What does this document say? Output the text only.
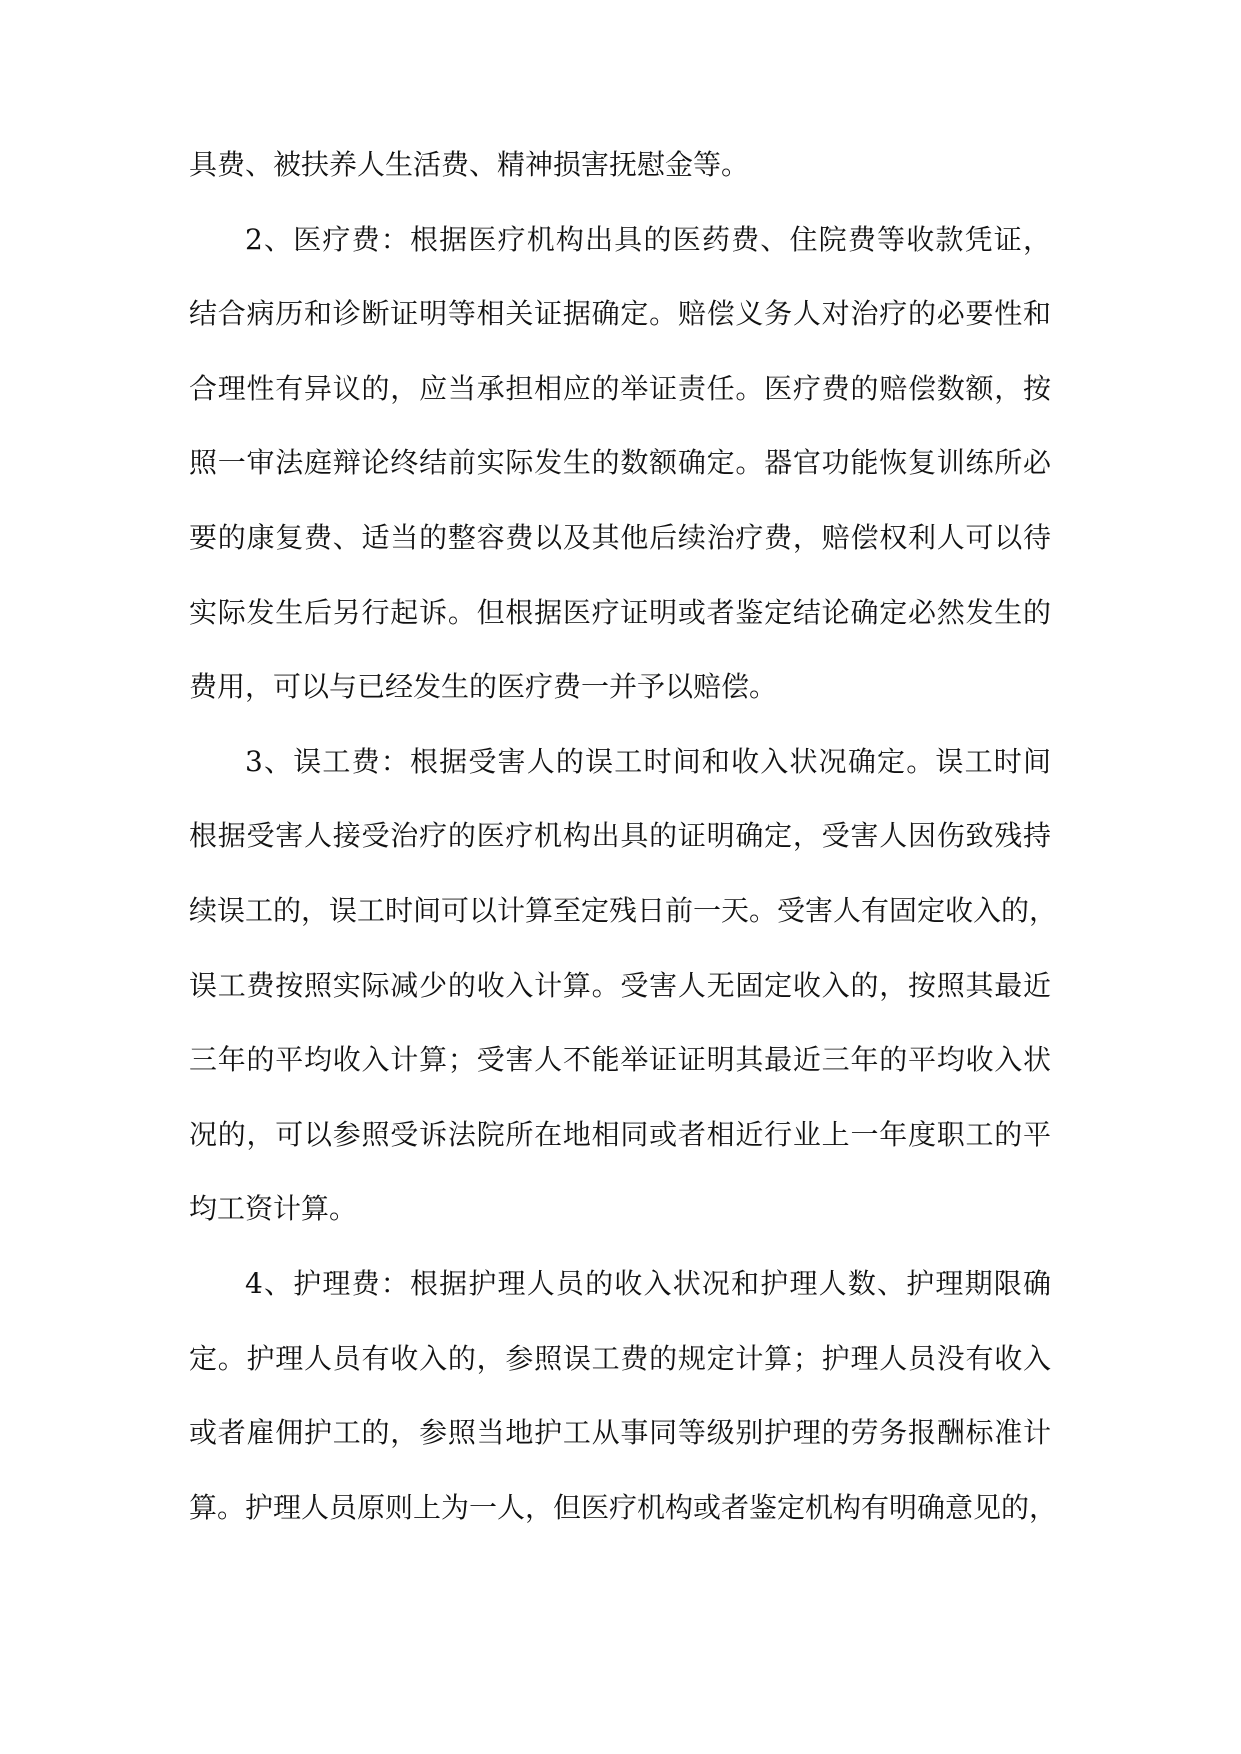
具费、被扶养人生活费、精神损害抚慰金等。
2、医疗费：根据医疗机构出具的医药费、住院费等收款凭证，
结合病历和诊断证明等相关证据确定。赔偿义务人对治疗的必要性和
合理性有异议的，应当承担相应的举证责任。医疗费的赔偿数额，按
照一审法庭辩论终结前实际发生的数额确定。器官功能恢复训练所必
要的康复费、适当的整容费以及其他后续治疗费，赔偿权利人可以待
实际发生后另行起诉。但根据医疗证明或者鉴定结论确定必然发生的
费用，可以与已经发生的医疗费一并予以赔偿。
3、误工费：根据受害人的误工时间和收入状况确定。误工时间
根据受害人接受治疗的医疗机构出具的证明确定，受害人因伤致残持
续误工的，误工时间可以计算至定残日前一天。受害人有固定收入的，
误工费按照实际减少的收入计算。受害人无固定收入的，按照其最近
三年的平均收入计算；受害人不能举证证明其最近三年的平均收入状
况的，可以参照受诉法院所在地相同或者相近行业上一年度职工的平
均工资计算。
4、护理费：根据护理人员的收入状况和护理人数、护理期限确
定。护理人员有收入的，参照误工费的规定计算；护理人员没有收入
或者雇佣护工的，参照当地护工从事同等级别护理的劳务报酬标准计
算。护理人员原则上为一人，但医疗机构或者鉴定机构有明确意见的，
